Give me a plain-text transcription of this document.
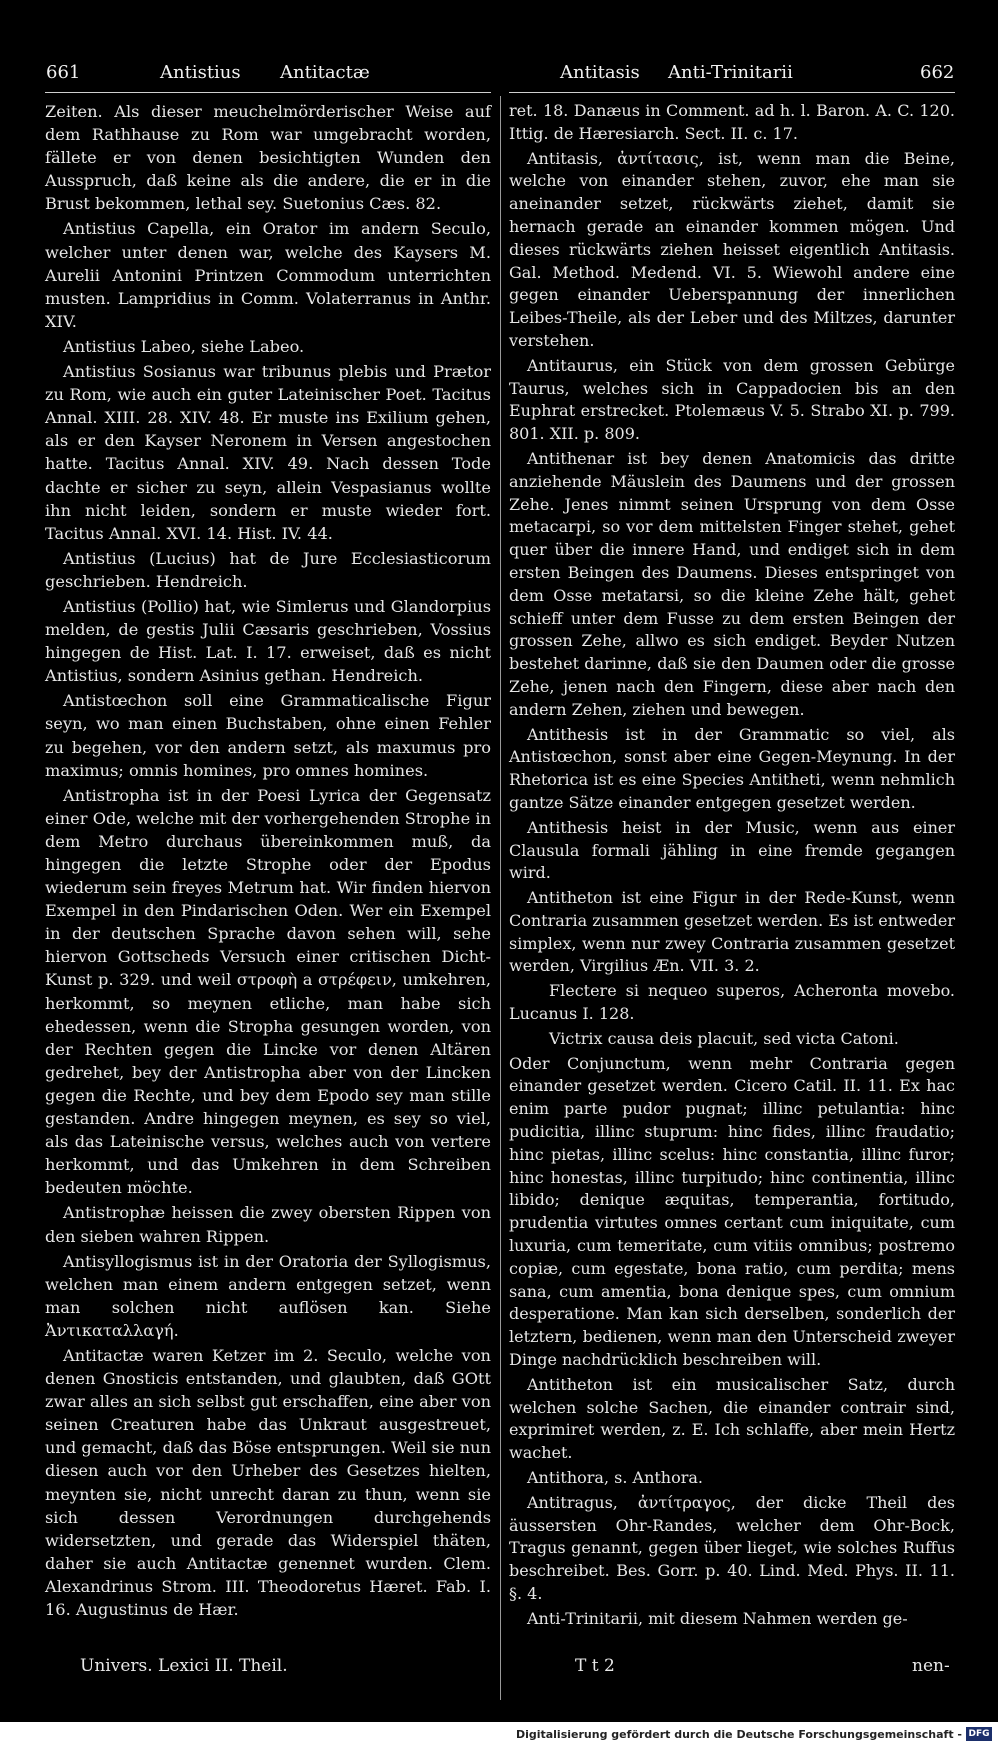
661	Antistius Antitactæ	Antitasis Anti-Trinitarii	662

Zeiten. Als dieser meuchelmörderischer Weise auf dem Rathhause zu Rom war umgebracht worden, fällete er von denen besichtigten Wunden den Ausspruch, daß keine als die andere, die er in die Brust bekommen, lethal sey. Suetonius Cæs. 82.

Antistius Capella, ein Orator im andern Seculo, welcher unter denen war, welche des Kaysers M. Aurelii Antonini Printzen Commodum unterrichten musten. Lampridius in Comm. Volaterranus in Anthr. XIV.

Antistius Labeo, siehe Labeo.

Antistius Sosianus war tribunus plebis und Prætor zu Rom, wie auch ein guter Lateinischer Poet. Tacitus Annal. XIII. 28. XIV. 48. Er muste ins Exilium gehen, als er den Kayser Neronem in Versen angestochen hatte. Tacitus Annal. XIV. 49. Nach dessen Tode dachte er sicher zu seyn, allein Vespasianus wollte ihn nicht leiden, sondern er muste wieder fort. Tacitus Annal. XVI. 14. Hist. IV. 44.

Antistius (Lucius) hat de Jure Ecclesiasticorum geschrieben. Hendreich.

Antistius (Pollio) hat, wie Simlerus und Glandorpius melden, de gestis Julii Cæsaris geschrieben, Vossius hingegen de Hist. Lat. I. 17. erweiset, daß es nicht Antistius, sondern Asinius gethan. Hendreich.

Antistœchon soll eine Grammaticalische Figur seyn, wo man einen Buchstaben, ohne einen Fehler zu begehen, vor den andern setzt, als maxumus pro maximus; omnis homines, pro omnes homines.

Antistropha ist in der Poesi Lyrica der Gegensatz einer Ode, welche mit der vorhergehenden Strophe in dem Metro durchaus übereinkommen muß, da hingegen die letzte Strophe oder der Epodus wiederum sein freyes Metrum hat. Wir finden hiervon Exempel in den Pindarischen Oden. Wer ein Exempel in der deutschen Sprache davon sehen will, sehe hiervon Gottscheds Versuch einer critischen Dicht-Kunst p. 329. und weil στροφὴ a στρέφειν, umkehren, herkommt, so meynen etliche, man habe sich ehedessen, wenn die Stropha gesungen worden, von der Rechten gegen die Lincke vor denen Altären gedrehet, bey der Antistropha aber von der Lincken gegen die Rechte, und bey dem Epodo sey man stille gestanden. Andre hingegen meynen, es sey so viel, als das Lateinische versus, welches auch von vertere herkommt, und das Umkehren in dem Schreiben bedeuten möchte.

Antistrophæ heissen die zwey obersten Rippen von den sieben wahren Rippen.

Antisyllogismus ist in der Oratoria der Syllogismus, welchen man einem andern entgegen setzet, wenn man solchen nicht auflösen kan. Siehe Ἀντικαταλλαγή.

Antitactæ waren Ketzer im 2. Seculo, welche von denen Gnosticis entstanden, und glaubten, daß GOtt zwar alles an sich selbst gut erschaffen, eine aber von seinen Creaturen habe das Unkraut ausgestreuet, und gemacht, daß das Böse entsprungen. Weil sie nun diesen auch vor den Urheber des Gesetzes hielten, meynten sie, nicht unrecht daran zu thun, wenn sie sich dessen Verordnungen durchgehends widersetzten, und gerade das Widerspiel thäten, daher sie auch Antitactæ genennet wurden. Clem. Alexandrinus Strom. III. Theodoretus Hæret. Fab. I. 16. Augustinus de Hær.

ret. 18. Danæus in Comment. ad h. l. Baron. A. C. 120. Ittig. de Hæresiarch. Sect. II. c. 17.

Antitasis, ἀντίτασις, ist, wenn man die Beine, welche von einander stehen, zuvor, ehe man sie aneinander setzet, rückwärts ziehet, damit sie hernach gerade an einander kommen mögen. Und dieses rückwärts ziehen heisset eigentlich Antitasis. Gal. Method. Medend. VI. 5. Wiewohl andere eine gegen einander Ueberspannung der innerlichen Leibes-Theile, als der Leber und des Miltzes, darunter verstehen.

Antitaurus, ein Stück von dem grossen Gebürge Taurus, welches sich in Cappadocien bis an den Euphrat erstrecket. Ptolemæus V. 5. Strabo XI. p. 799. 801. XII. p. 809.

Antithenar ist bey denen Anatomicis das dritte anziehende Mäuslein des Daumens und der grossen Zehe. Jenes nimmt seinen Ursprung von dem Osse metacarpi, so vor dem mittelsten Finger stehet, gehet quer über die innere Hand, und endiget sich in dem ersten Beingen des Daumens. Dieses entspringet von dem Osse metatarsi, so die kleine Zehe hält, gehet schieff unter dem Fusse zu dem ersten Beingen der grossen Zehe, allwo es sich endiget. Beyder Nutzen bestehet darinne, daß sie den Daumen oder die grosse Zehe, jenen nach den Fingern, diese aber nach den andern Zehen, ziehen und bewegen.

Antithesis ist in der Grammatic so viel, als Antistœchon, sonst aber eine Gegen-Meynung. In der Rhetorica ist es eine Species Antitheti, wenn nehmlich gantze Sätze einander entgegen gesetzet werden.

Antithesis heist in der Music, wenn aus einer Clausula formali jähling in eine fremde gegangen wird.

Antitheton ist eine Figur in der Rede-Kunst, wenn Contraria zusammen gesetzet werden. Es ist entweder simplex, wenn nur zwey Contraria zusammen gesetzet werden, Virgilius Æn. VII. 3. 2.

Flectere si nequeo superos, Acheronta movebo. Lucanus I. 128.

Victrix causa deis placuit, sed victa Catoni.

Oder Conjunctum, wenn mehr Contraria gegen einander gesetzet werden. Cicero Catil. II. 11. Ex hac enim parte pudor pugnat; illinc petulantia: hinc pudicitia, illinc stuprum: hinc fides, illinc fraudatio; hinc pietas, illinc scelus: hinc constantia, illinc furor; hinc honestas, illinc turpitudo; hinc continentia, illinc libido; denique æquitas, temperantia, fortitudo, prudentia virtutes omnes certant cum iniquitate, cum luxuria, cum temeritate, cum vitiis omnibus; postremo copiæ, cum egestate, bona ratio, cum perdita; mens sana, cum amentia, bona denique spes, cum omnium desperatione. Man kan sich derselben, sonderlich der letztern, bedienen, wenn man den Unterscheid zweyer Dinge nachdrücklich beschreiben will.

Antitheton ist ein musicalischer Satz, durch welchen solche Sachen, die einander contrair sind, exprimiret werden, z. E. Ich schlaffe, aber mein Hertz wachet.

Antithora, s. Anthora.

Antitragus, ἀντίτραγος, der dicke Theil des äussersten Ohr-Randes, welcher dem Ohr-Bock, Tragus genannt, gegen über lieget, wie solches Ruffus beschreibet. Bes. Gorr. p. 40. Lind. Med. Phys. II. 11. §. 4.

Anti-Trinitarii, mit diesem Nahmen werden ge-

Univers. Lexici II. Theil.	T t 2	nen-
Digitalisierung gefördert durch die Deutsche Forschungsgemeinschaft - DFG
